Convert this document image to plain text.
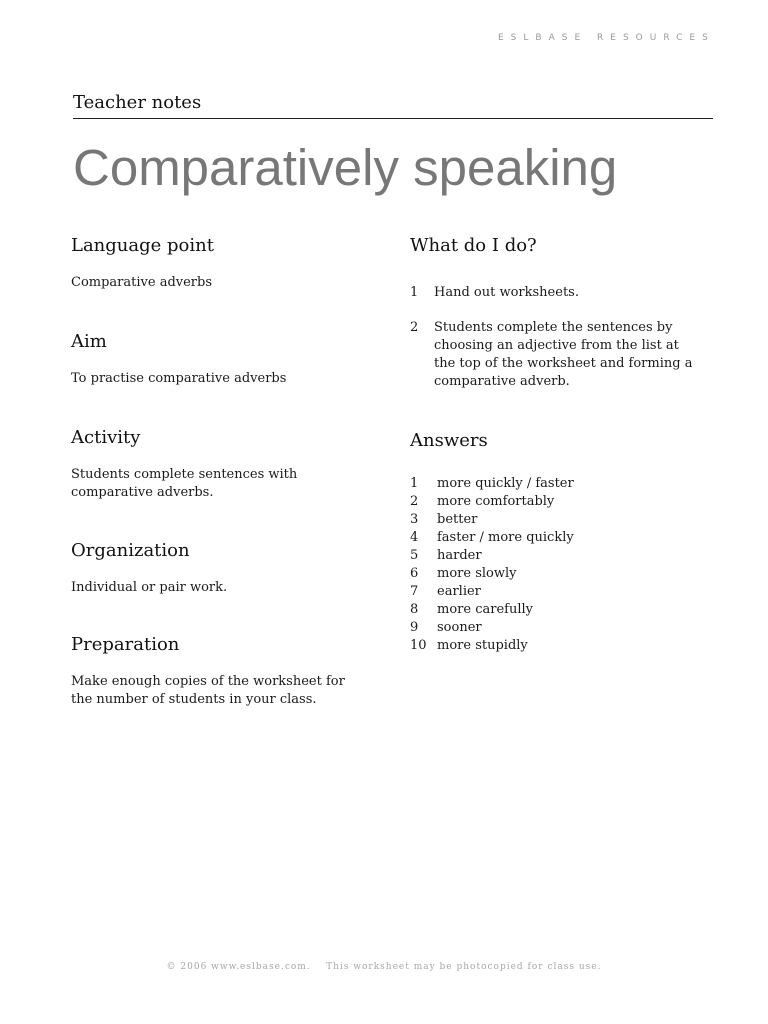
ESLBASE RESOURCES
Teacher notes
Comparatively speaking
Language point

Comparative adverbs

Aim

To practise comparative adverbs

Activity

Students complete sentences with comparative adverbs.

Organization

Individual or pair work.

Preparation

Make enough copies of the worksheet for the number of students in your class.

What do I do?
1 Hand out worksheets.
2 Students complete the sentences by choosing an adjective from the list at the top of the worksheet and forming a comparative adverb.
Answers
1 more quickly / faster
2 more comfortably
3 better
4 faster / more quickly
5 harder
6 more slowly
7 earlier
8 more carefully
9 sooner
10 more stupidly
© 2006 www.eslbase.com.    This worksheet may be photocopied for class use.
